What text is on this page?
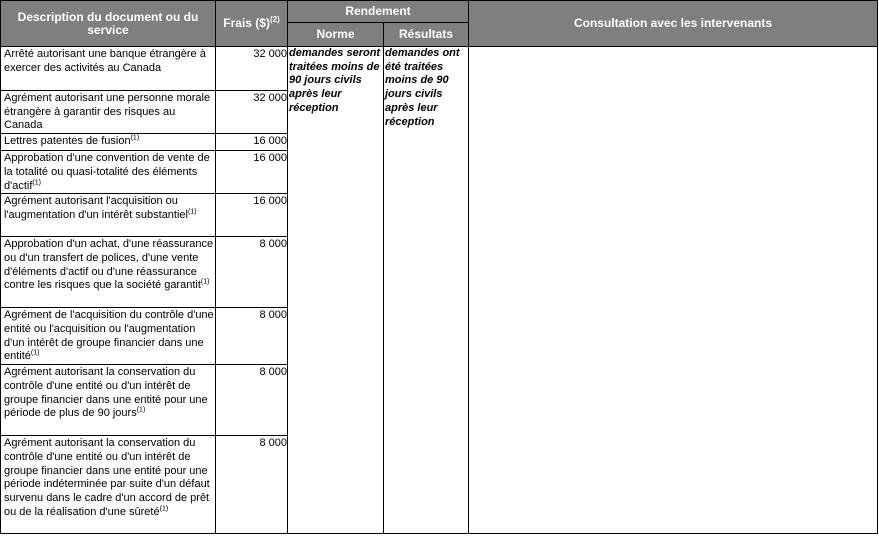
Description du document ou du service	Frais ($)$^{(2)}$	Rendement		Consultation avec les intervenants
		Norme	Résultats	
Arrêté autorisant une banque étrangère à exercer des activités au Canada	32 000	demandes seront traitées moins de 90 jours civils après leur réception	demandes ont été traitées moins de 90 jours civils après leur réception	
Agrément autorisant une personne morale étrangère à garantir des risques au Canada	32 000			
Lettres patentes de fusion$^{(1)}$	16 000			
Approbation d'une convention de vente de la totalité ou quasi-totalité des éléments d'actif$^{(1)}$	16 000			
Agrément autorisant l'acquisition ou l'augmentation d'un intérêt substantiel$^{(1)}$	16 000			
Approbation d'un achat, d'une réassurance ou d'un transfert de polices, d'une vente d'éléments d'actif ou d'une réassurance contre les risques que la société garantit$^{(1)}$	8 000			
Agrément de l'acquisition du contrôle d'une entité ou l'acquisition ou l'augmentation d'un intérêt de groupe financier dans une entité$^{(1)}$	8 000			
Agrément autorisant la conservation du contrôle d'une entité ou d'un intérêt de groupe financier dans une entité pour une période de plus de 90 jours$^{(1)}$	8 000			
Agrément autorisant la conservation du contrôle d'une entité ou d'un intérêt de groupe financier dans une entité pour une période indéterminée par suite d'un défaut survenu dans le cadre d'un accord de prêt ou de la réalisation d'une sûreté$^{(1)}$	8 000			
